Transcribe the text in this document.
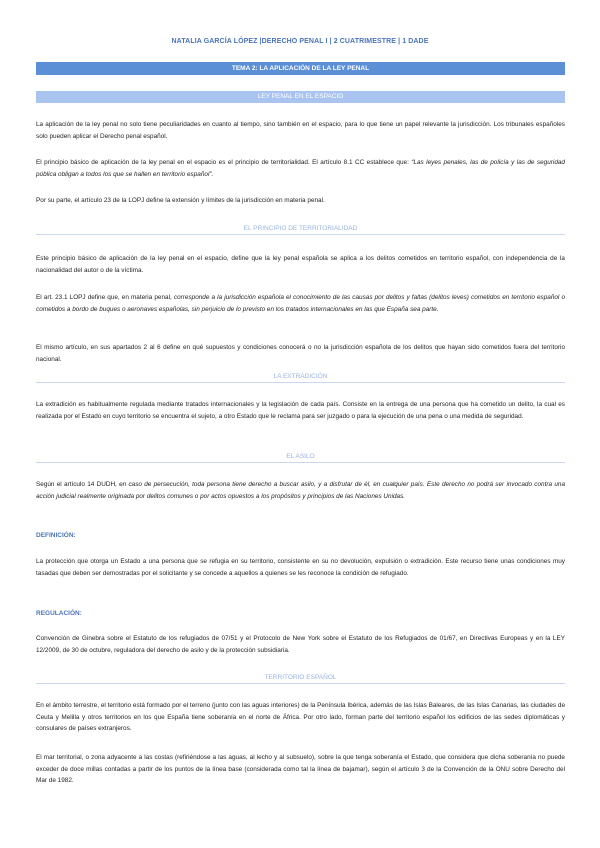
NATALIA GARCÍA LÓPEZ |DERECHO PENAL I | 2 CUATRIMESTRE | 1 DADE
TEMA 2: LA APLICACIÓN DE LA LEY PENAL
LEY PENAL EN EL ESPACIO
La aplicación de la ley penal no solo tiene peculiaridades en cuanto al tiempo, sino también en el espacio, para lo que tiene un papel relevante la jurisdicción. Los tribunales españoles solo pueden aplicar el Derecho penal español.
El principio básico de aplicación de la ley penal en el espacio es el principio de territorialidad. El artículo 8.1 CC establece que: “Las leyes penales, las de policía y las de seguridad pública obligan a todos los que se hallen en territorio español”.
Por su parte, el artículo 23 de la LOPJ define la extensión y límites de la jurisdicción en materia penal.
EL PRINCIPIO DE TERRITORIALIDAD
Este principio básico de aplicación de la ley penal en el espacio, define que la ley penal española se aplica a los delitos cometidos en territorio español, con independencia de la nacionalidad del autor o de la víctima.
El art. 23.1 LOPJ define que, en materia penal, corresponde a la jurisdicción española el conocimiento de las causas por delitos y faltas (delitos leves) cometidos en territorio español o cometidos a bordo de buques o aeronaves españolas, sin perjuicio de lo previsto en los tratados internacionales en las que España sea parte.
El mismo artículo, en sus apartados 2 al 6 define en qué supuestos y condiciones conocerá o no la jurisdicción española de los delitos que hayan sido cometidos fuera del territorio nacional.
LA EXTRADICIÓN
La extradición es habitualmente regulada mediante tratados internacionales y la legislación de cada país. Consiste en la entrega de una persona que ha cometido un delito, la cual es realizada por el Estado en cuyo territorio se encuentra el sujeto, a otro Estado que le reclama para ser juzgado o para la ejecución de una pena o una medida de seguridad.
EL ASILO
Según el artículo 14 DUDH, en caso de persecución, toda persona tiene derecho a buscar asilo, y a disfrutar de él, en cualquier país. Este derecho no podrá ser invocado contra una acción judicial realmente originada por delitos comunes o por actos opuestos a los propósitos y principios de las Naciones Unidas.
DEFINICIÓN:
La protección que otorga un Estado a una persona que se refugia en su territorio, consistente en su no devolución, expulsión o extradición. Este recurso tiene unas condiciones muy tasadas que deben ser demostradas por el solicitante y se concede a aquellos a quienes se les reconoce la condición de refugiado.
REGULACIÓN:
Convención de Ginebra sobre el Estatuto de los refugiados de 07/51 y el Protocolo de New York sobre el Estatuto de los Refugiados de 01/67, en Directivas Europeas y en la LEY 12/2009, de 30 de octubre, reguladora del derecho de asilo y de la protección subsidiaria.
TERRITORIO ESPAÑOL
En el ámbito terrestre, el territorio está formado por el terreno (junto con las aguas interiores) de la Península Ibérica, además de las Islas Baleares, de las Islas Canarias, las ciudades de Ceuta y Melilla y otros territorios en los que España tiene soberanía en el norte de África. Por otro lado, forman parte del territorio español los edificios de las sedes diplomáticas y consulares de países extranjeros.
El mar territorial, o zona adyacente a las costas (refiriéndose a las aguas, al lecho y al subsuelo), sobre la que tenga soberanía el Estado, que considera que dicha soberanía no puede exceder de doce millas contadas a partir de los puntos de la línea base (considerada como tal la línea de bajamar), según el artículo 3 de la Convención de la ONU sobre Derecho del Mar de 1982.
